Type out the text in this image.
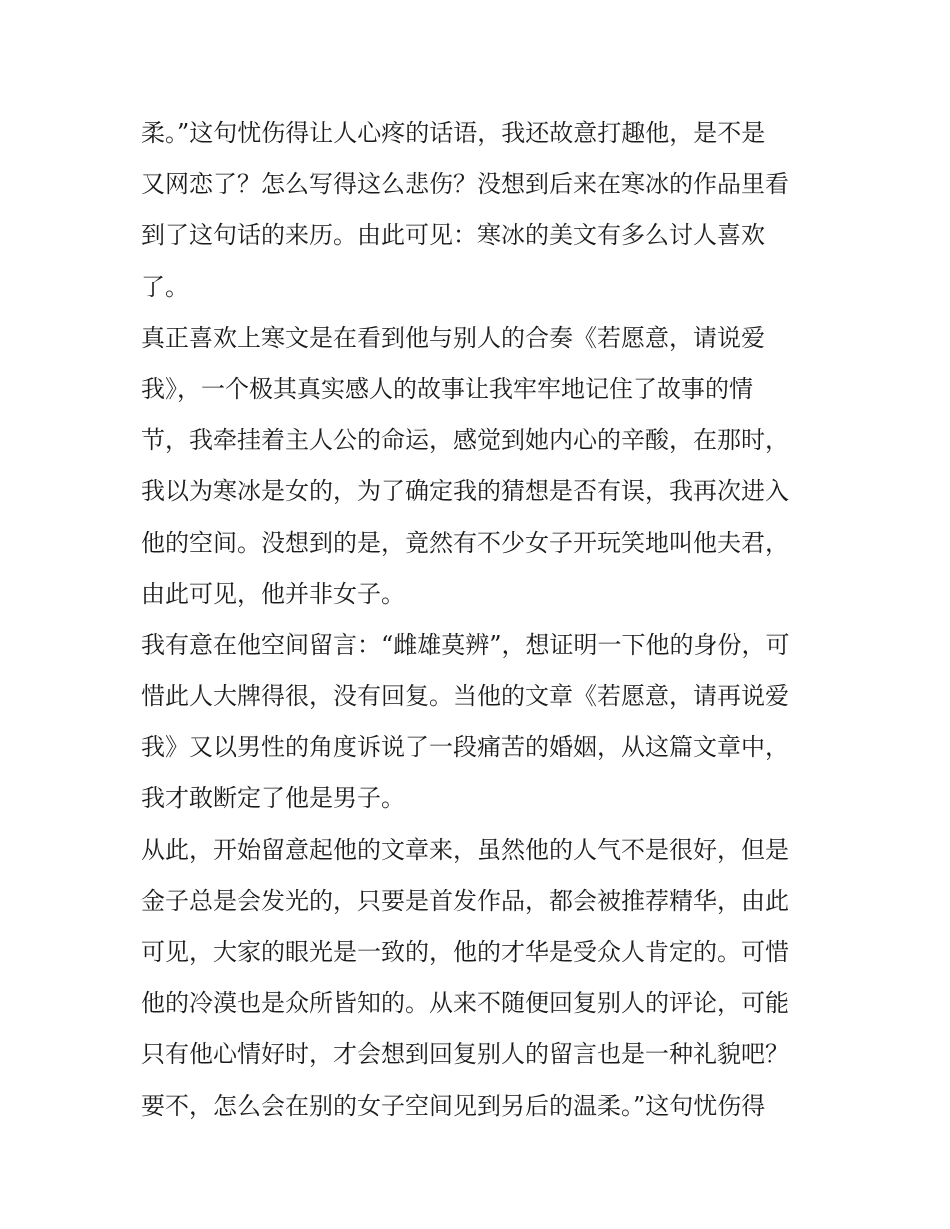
柔。”这句忧伤得让人心疼的话语，我还故意打趣他，是不是
又网恋了？怎么写得这么悲伤？没想到后来在寒冰的作品里看
到了这句话的来历。由此可见：寒冰的美文有多么讨人喜欢
了。
真正喜欢上寒文是在看到他与别人的合奏《若愿意，请说爱
我》，一个极其真实感人的故事让我牢牢地记住了故事的情
节，我牵挂着主人公的命运，感觉到她内心的辛酸，在那时，
我以为寒冰是女的，为了确定我的猜想是否有误，我再次进入
他的空间。没想到的是，竟然有不少女子开玩笑地叫他夫君，
由此可见，他并非女子。
我有意在他空间留言：“雌雄莫辨”，想证明一下他的身份，可
惜此人大牌得很，没有回复。当他的文章《若愿意，请再说爱
我》又以男性的角度诉说了一段痛苦的婚姻，从这篇文章中，
我才敢断定了他是男子。
从此，开始留意起他的文章来，虽然他的人气不是很好，但是
金子总是会发光的，只要是首发作品，都会被推荐精华，由此
可见，大家的眼光是一致的，他的才华是受众人肯定的。可惜
他的冷漠也是众所皆知的。从来不随便回复别人的评论，可能
只有他心情好时，才会想到回复别人的留言也是一种礼貌吧？
要不，怎么会在别的女子空间见到另后的温柔。”这句忧伤得
